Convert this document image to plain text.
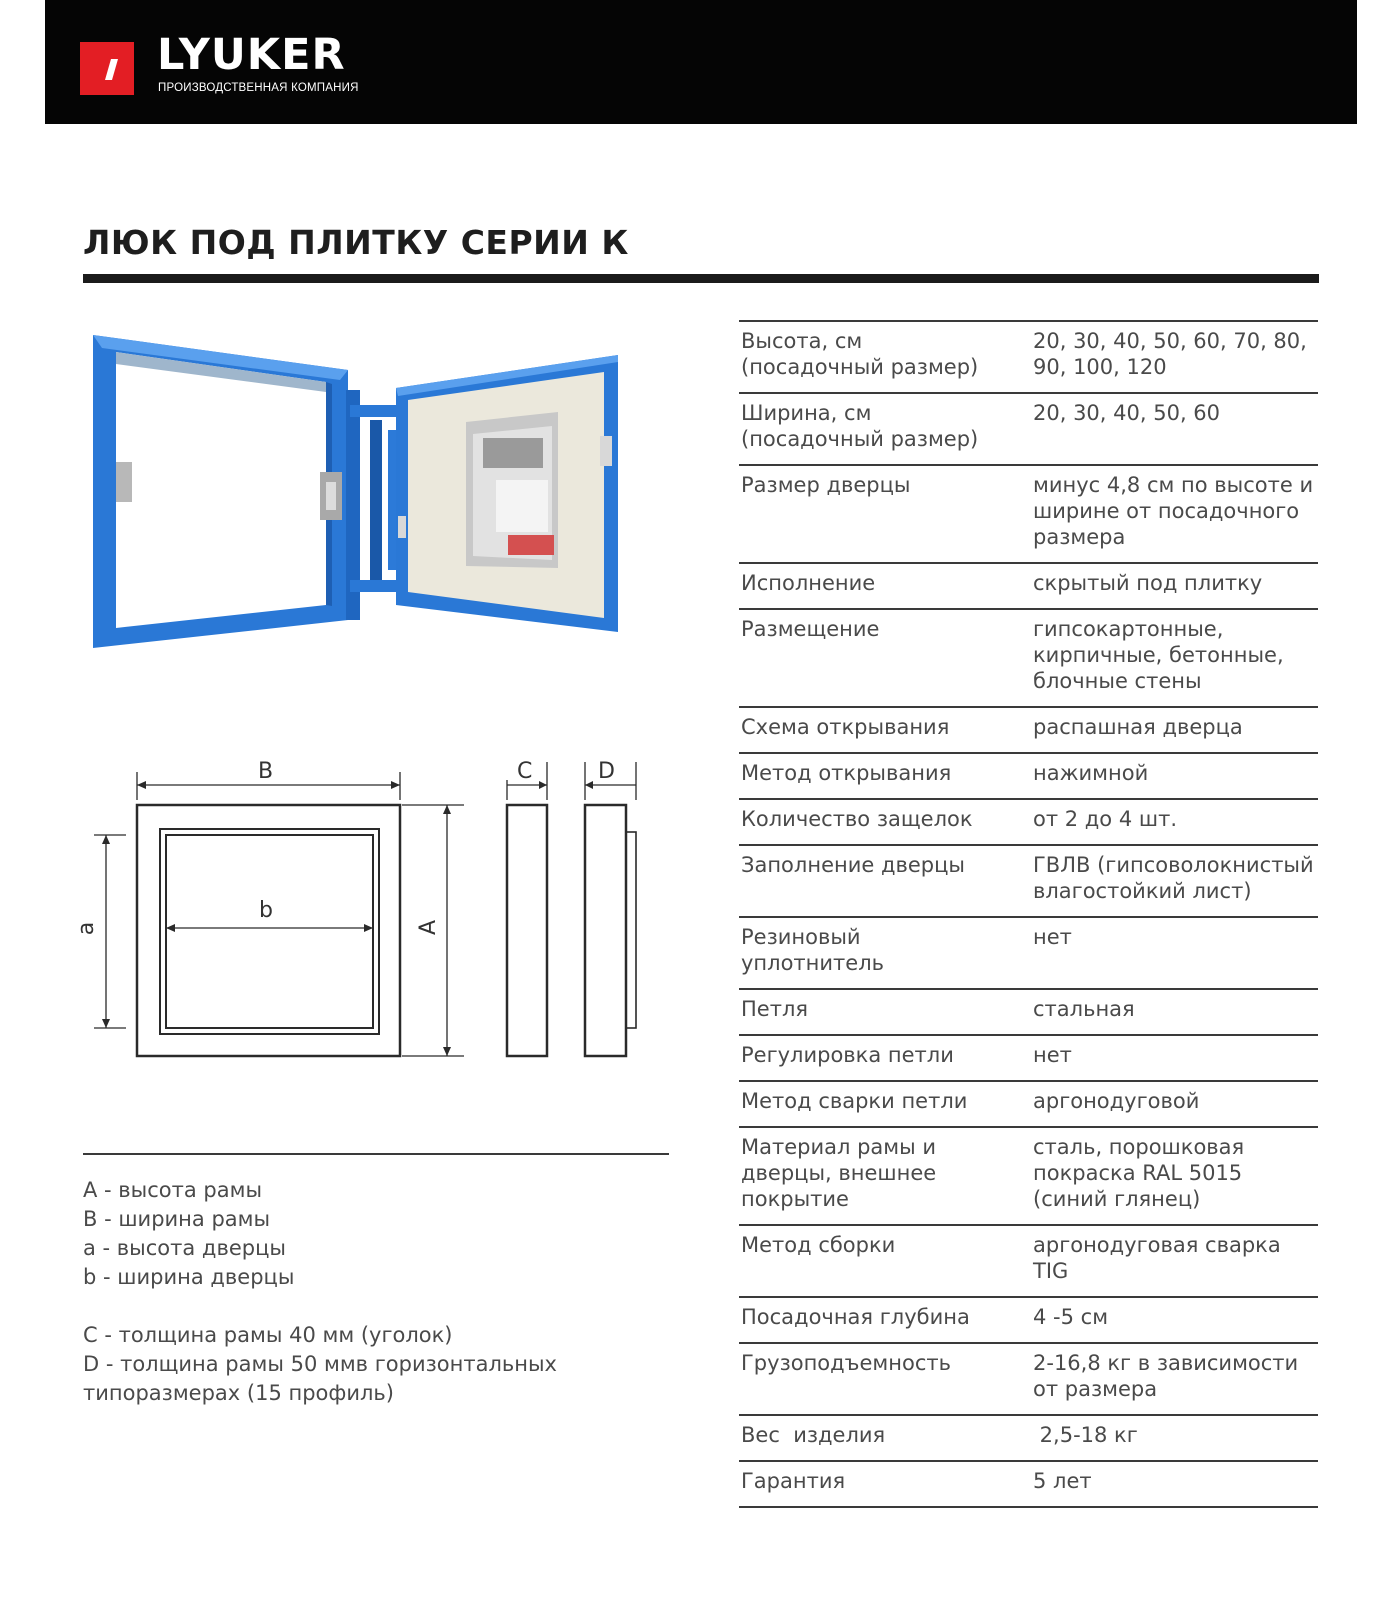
LYUKER
ПРОИЗВОДСТВЕННАЯ КОМПАНИЯ
ЛЮК ПОД ПЛИТКУ СЕРИИ К
B	C	D
b
a	A
A - высота рамы
B - ширина рамы
a - высота дверцы
b - ширина дверцы
C - толщина рамы 40 мм (уголок)
D - толщина рамы 50 ммв горизонтальных типоразмерах (15 профиль)
Высота, см (посадочный размер)	20, 30, 40, 50, 60, 70, 80, 90, 100, 120
Ширина, см (посадочный размер)	20, 30, 40, 50, 60
Размер дверцы	минус 4,8 см по высоте и ширине от посадочного размера
Исполнение	скрытый под плитку
Размещение	гипсокартонные, кирпичные, бетонные, блочные стены
Схема открывания	распашная дверца
Метод открывания	нажимной
Количество защелок	от 2 до 4 шт.
Заполнение дверцы	ГВЛВ (гипсоволокнистый влагостойкий лист)
Резиновый уплотнитель	нет
Петля	стальная
Регулировка петли	нет
Метод сварки петли	аргонодуговой
Материал рамы и дверцы, внешнее покрытие	сталь, порошковая покраска RAL 5015 (синий глянец)
Метод сборки	аргонодуговая сварка TIG
Посадочная глубина	4 -5 см
Грузоподъемность	2-16,8 кг в зависимости от размера
Вес  изделия	2,5-18 кг
Гарантия	5 лет
